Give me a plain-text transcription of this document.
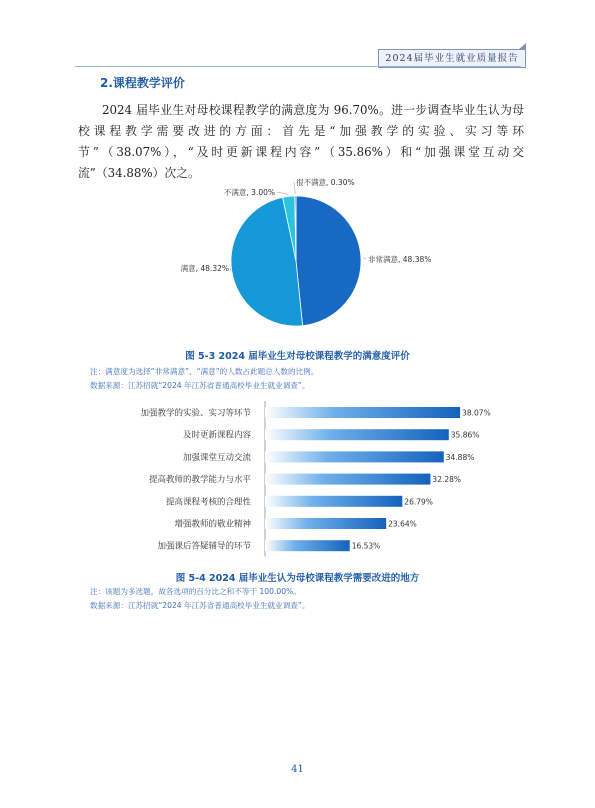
2024届毕业生就业质量报告
2.课程教学评价

2024 届毕业生对母校课程教学的满意度为 96.70%。进一步调查毕业生认为母校课程教学需要改进的方面：首先是“加强教学的实验、实习等环节”（38.07%），“及时更新课程内容”（35.86%）和“加强课堂互动交流”（34.88%）次之。

非常满意, 48.38%
满意, 48.32%
不满意, 3.00%
很不满意, 0.30%
加强教学的实验、实习等环节	38.07%
及时更新课程内容	35.86%
加强课堂互动交流	34.88%
提高教师的教学能力与水平	32.28%
提高课程考核的合理性	26.79%
增强教师的敬业精神	23.64%
加强课后答疑辅导的环节	16.53%
图 5-3 2024 届毕业生对母校课程教学的满意度评价
注：满意度为选择“非常满意”、“满意”的人数占此题总人数的比例。
数据来源：江苏招就“2024 年江苏省普通高校毕业生就业调查”。
图 5-4 2024 届毕业生认为母校课程教学需要改进的地方
注：该题为多选题，故各选项的百分比之和不等于 100.00%。
数据来源：江苏招就“2024 年江苏省普通高校毕业生就业调查”。
41
